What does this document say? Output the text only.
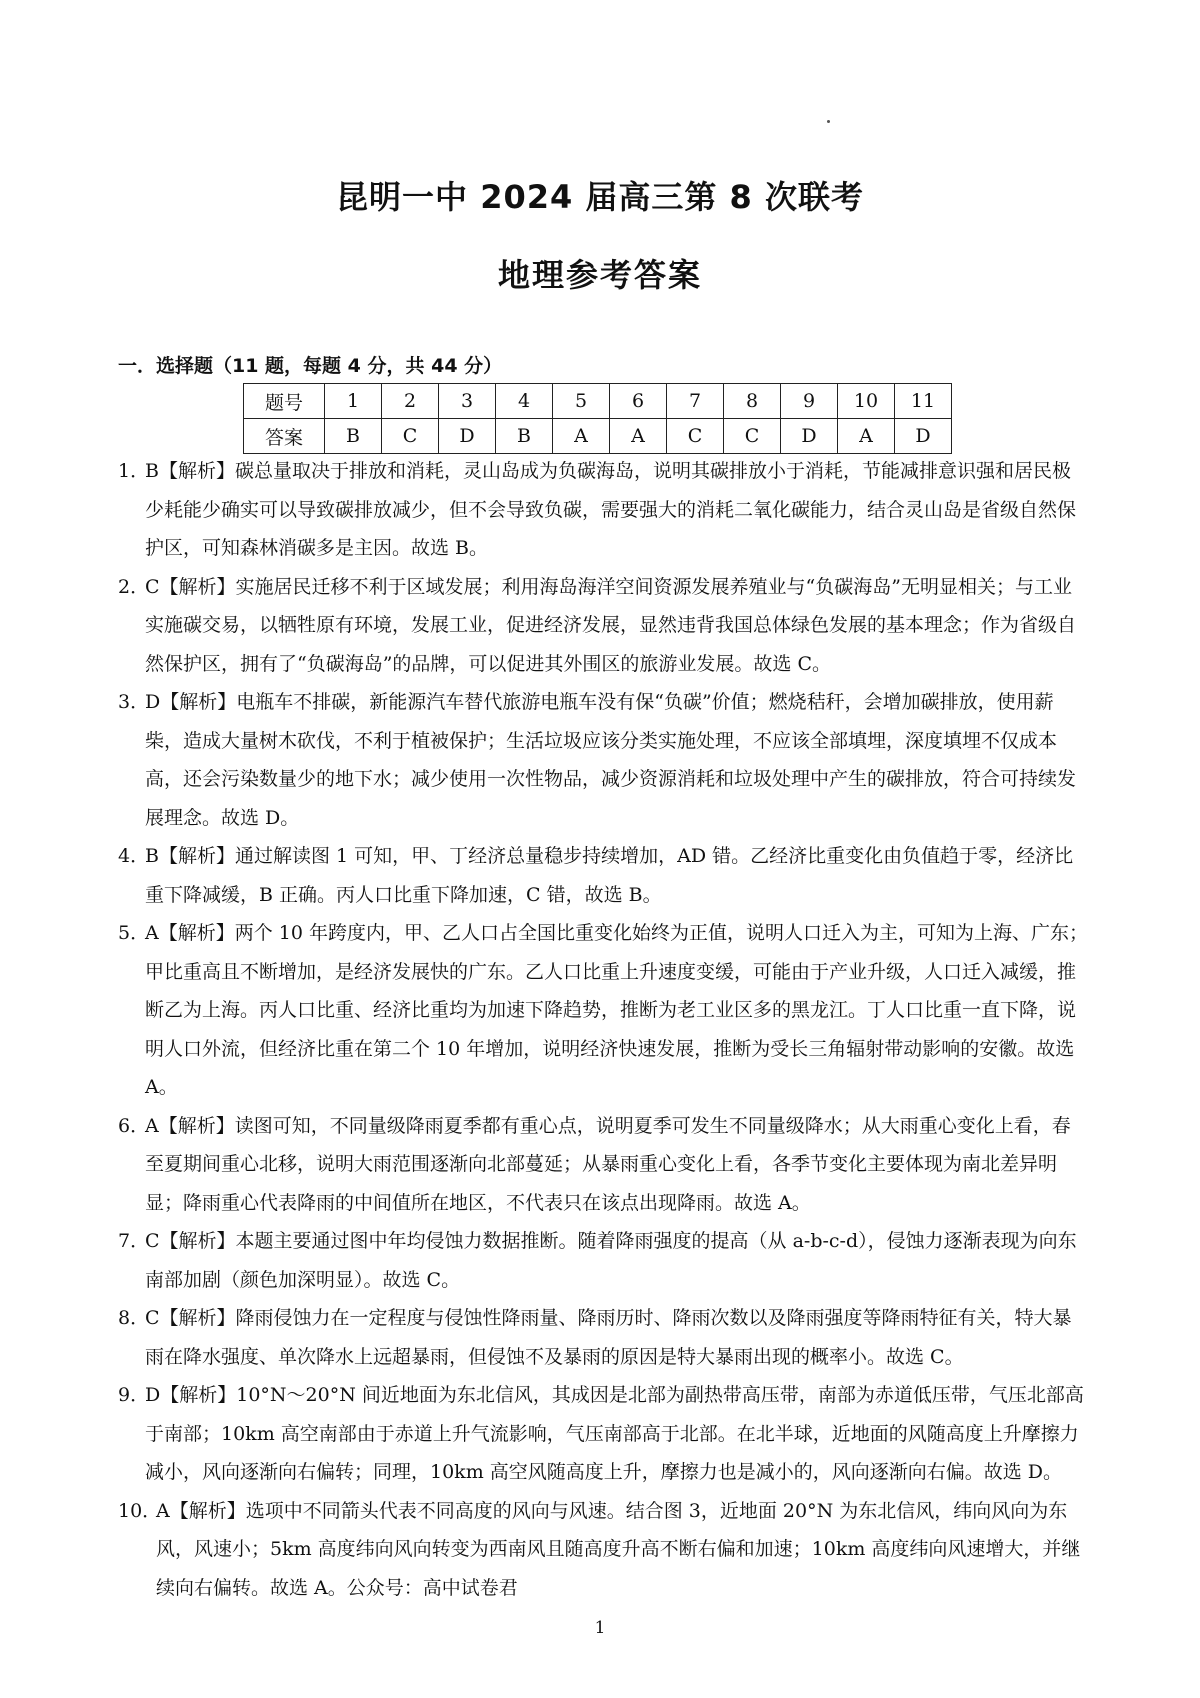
昆明一中 2024 届高三第 8 次联考
地理参考答案
一．选择题（11 题，每题 4 分，共 44 分）
题号	1	2	3	4	5	6	7	8	9	10	11
答案	B	C	D	B	A	A	C	C	D	A	D
1．
B【解析】碳总量取决于排放和消耗，灵山岛成为负碳海岛，说明其碳排放小于消耗，节能减排意识强和居民极少耗能少确实可以导致碳排放减少，但不会导致负碳，需要强大的消耗二氧化碳能力，结合灵山岛是省级自然保护区，可知森林消碳多是主因。故选 B。
2．
C【解析】实施居民迁移不利于区域发展；利用海岛海洋空间资源发展养殖业与“负碳海岛”无明显相关；与工业实施碳交易，以牺牲原有环境，发展工业，促进经济发展，显然违背我国总体绿色发展的基本理念；作为省级自然保护区，拥有了“负碳海岛”的品牌，可以促进其外围区的旅游业发展。故选 C。
3．
D【解析】电瓶车不排碳，新能源汽车替代旅游电瓶车没有保“负碳”价值；燃烧秸秆，会增加碳排放，使用薪柴，造成大量树木砍伐，不利于植被保护；生活垃圾应该分类实施处理，不应该全部填埋，深度填埋不仅成本高，还会污染数量少的地下水；减少使用一次性物品，减少资源消耗和垃圾处理中产生的碳排放，符合可持续发展理念。故选 D。
4．
B【解析】通过解读图 1 可知，甲、丁经济总量稳步持续增加，AD 错。乙经济比重变化由负值趋于零，经济比重下降减缓，B 正确。丙人口比重下降加速，C 错，故选 B。
5．
A【解析】两个 10 年跨度内，甲、乙人口占全国比重变化始终为正值，说明人口迁入为主，可知为上海、广东；甲比重高且不断增加，是经济发展快的广东。乙人口比重上升速度变缓，可能由于产业升级，人口迁入减缓，推断乙为上海。丙人口比重、经济比重均为加速下降趋势，推断为老工业区多的黑龙江。丁人口比重一直下降，说明人口外流，但经济比重在第二个 10 年增加，说明经济快速发展，推断为受长三角辐射带动影响的安徽。故选 A。
6．
A【解析】读图可知，不同量级降雨夏季都有重心点，说明夏季可发生不同量级降水；从大雨重心变化上看，春至夏期间重心北移，说明大雨范围逐渐向北部蔓延；从暴雨重心变化上看，各季节变化主要体现为南北差异明显；降雨重心代表降雨的中间值所在地区，不代表只在该点出现降雨。故选 A。
7．
C【解析】本题主要通过图中年均侵蚀力数据推断。随着降雨强度的提高（从 a-b-c-d），侵蚀力逐渐表现为向东南部加剧（颜色加深明显）。故选 C。
8．
C【解析】降雨侵蚀力在一定程度与侵蚀性降雨量、降雨历时、降雨次数以及降雨强度等降雨特征有关，特大暴雨在降水强度、单次降水上远超暴雨，但侵蚀不及暴雨的原因是特大暴雨出现的概率小。故选 C。
9．
D【解析】10°N～20°N 间近地面为东北信风，其成因是北部为副热带高压带，南部为赤道低压带，气压北部高于南部；10km 高空南部由于赤道上升气流影响，气压南部高于北部。在北半球，近地面的风随高度上升摩擦力减小，风向逐渐向右偏转；同理，10km 高空风随高度上升，摩擦力也是减小的，风向逐渐向右偏。故选 D。
10．
A【解析】选项中不同箭头代表不同高度的风向与风速。结合图 3，近地面 20°N 为东北信风，纬向风向为东风，风速小；5km 高度纬向风向转变为西南风且随高度升高不断右偏和加速；10km 高度纬向风速增大，并继续向右偏转。故选 A。公众号：高中试卷君
1
